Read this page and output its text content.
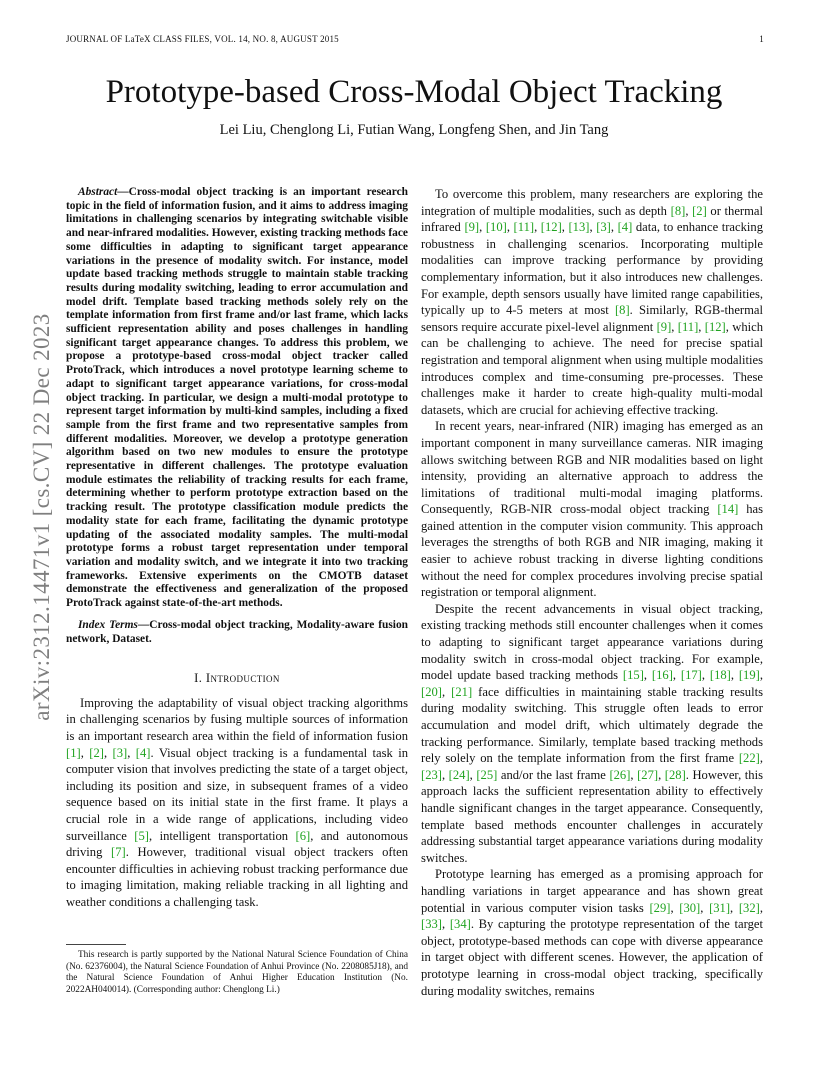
JOURNAL OF LaTeX CLASS FILES, VOL. 14, NO. 8, AUGUST 2015	1
arXiv:2312.14471v1 [cs.CV] 22 Dec 2023
Prototype-based Cross-Modal Object Tracking
Lei Liu, Chenglong Li, Futian Wang, Longfeng Shen, and Jin Tang

Abstract—Cross-modal object tracking is an important research topic in the field of information fusion, and it aims to address imaging limitations in challenging scenarios by integrating switchable visible and near-infrared modalities. However, existing tracking methods face some difficulties in adapting to significant target appearance variations in the presence of modality switch. For instance, model update based tracking methods struggle to maintain stable tracking results during modality switching, leading to error accumulation and model drift. Template based tracking methods solely rely on the template information from first frame and/or last frame, which lacks sufficient representation ability and poses challenges in handling significant target appearance changes. To address this problem, we propose a prototype-based cross-modal object tracker called ProtoTrack, which introduces a novel prototype learning scheme to adapt to significant target appearance variations, for cross-modal object tracking. In particular, we design a multi-modal prototype to represent target information by multi-kind samples, including a fixed sample from the first frame and two representative samples from different modalities. Moreover, we develop a prototype generation algorithm based on two new modules to ensure the prototype representative in different challenges. The prototype evaluation module estimates the reliability of tracking results for each frame, determining whether to perform prototype extraction based on the tracking result. The prototype classification module predicts the modality state for each frame, facilitating the dynamic prototype updating of the associated modality samples. The multi-modal prototype forms a robust target representation under temporal variation and modality switch, and we integrate it into two tracking frameworks. Extensive experiments on the CMOTB dataset demonstrate the effectiveness and generalization of the proposed ProtoTrack against state-of-the-art methods.

Index Terms—Cross-modal object tracking, Modality-aware fusion network, Dataset.

I. Introduction

Improving the adaptability of visual object tracking algorithms in challenging scenarios by fusing multiple sources of information is an important research area within the field of information fusion [1], [2], [3], [4]. Visual object tracking is a fundamental task in computer vision that involves predicting the state of a target object, including its position and size, in subsequent frames of a video sequence based on its initial state in the first frame. It plays a crucial role in a wide range of applications, including video surveillance [5], intelligent transportation [6], and autonomous driving [7]. However, traditional visual object trackers often encounter difficulties in achieving robust tracking performance due to imaging limitation, making reliable tracking in all lighting and weather conditions a challenging task.

This research is partly supported by the National Natural Science Foundation of China (No. 62376004), the Natural Science Foundation of Anhui Province (No. 2208085J18), and the Natural Science Foundation of Anhui Higher Education Institution (No. 2022AH040014). (Corresponding author: Chenglong Li.)

To overcome this problem, many researchers are exploring the integration of multiple modalities, such as depth [8], [2] or thermal infrared [9], [10], [11], [12], [13], [3], [4] data, to enhance tracking robustness in challenging scenarios. Incorporating multiple modalities can improve tracking performance by providing complementary information, but it also introduces new challenges. For example, depth sensors usually have limited range capabilities, typically up to 4-5 meters at most [8]. Similarly, RGB-thermal sensors require accurate pixel-level alignment [9], [11], [12], which can be challenging to achieve. The need for precise spatial registration and temporal alignment when using multiple modalities introduces complex and time-consuming pre-processes. These challenges make it harder to create high-quality multi-modal datasets, which are crucial for achieving effective tracking.

In recent years, near-infrared (NIR) imaging has emerged as an important component in many surveillance cameras. NIR imaging allows switching between RGB and NIR modalities based on light intensity, providing an alternative approach to address the limitations of traditional multi-modal imaging platforms. Consequently, RGB-NIR cross-modal object tracking [14] has gained attention in the computer vision community. This approach leverages the strengths of both RGB and NIR imaging, making it easier to achieve robust tracking in diverse lighting conditions without the need for complex procedures involving precise spatial registration or temporal alignment.

Despite the recent advancements in visual object tracking, existing tracking methods still encounter challenges when it comes to adapting to significant target appearance variations during modality switch in cross-modal object tracking. For example, model update based tracking methods [15], [16], [17], [18], [19], [20], [21] face difficulties in maintaining stable tracking results during modality switching. This struggle often leads to error accumulation and model drift, which ultimately degrade the tracking performance. Similarly, template based tracking methods rely solely on the template information from the first frame [22], [23], [24], [25] and/or the last frame [26], [27], [28]. However, this approach lacks the sufficient representation ability to effectively handle significant changes in the target appearance. Consequently, template based methods encounter challenges in accurately addressing substantial target appearance variations during modality switches.

Prototype learning has emerged as a promising approach for handling variations in target appearance and has shown great potential in various computer vision tasks [29], [30], [31], [32], [33], [34]. By capturing the prototype representation of the target object, prototype-based methods can cope with diverse appearance in target object with different scenes. However, the application of prototype learning in cross-modal object tracking, specifically during modality switches, remains
